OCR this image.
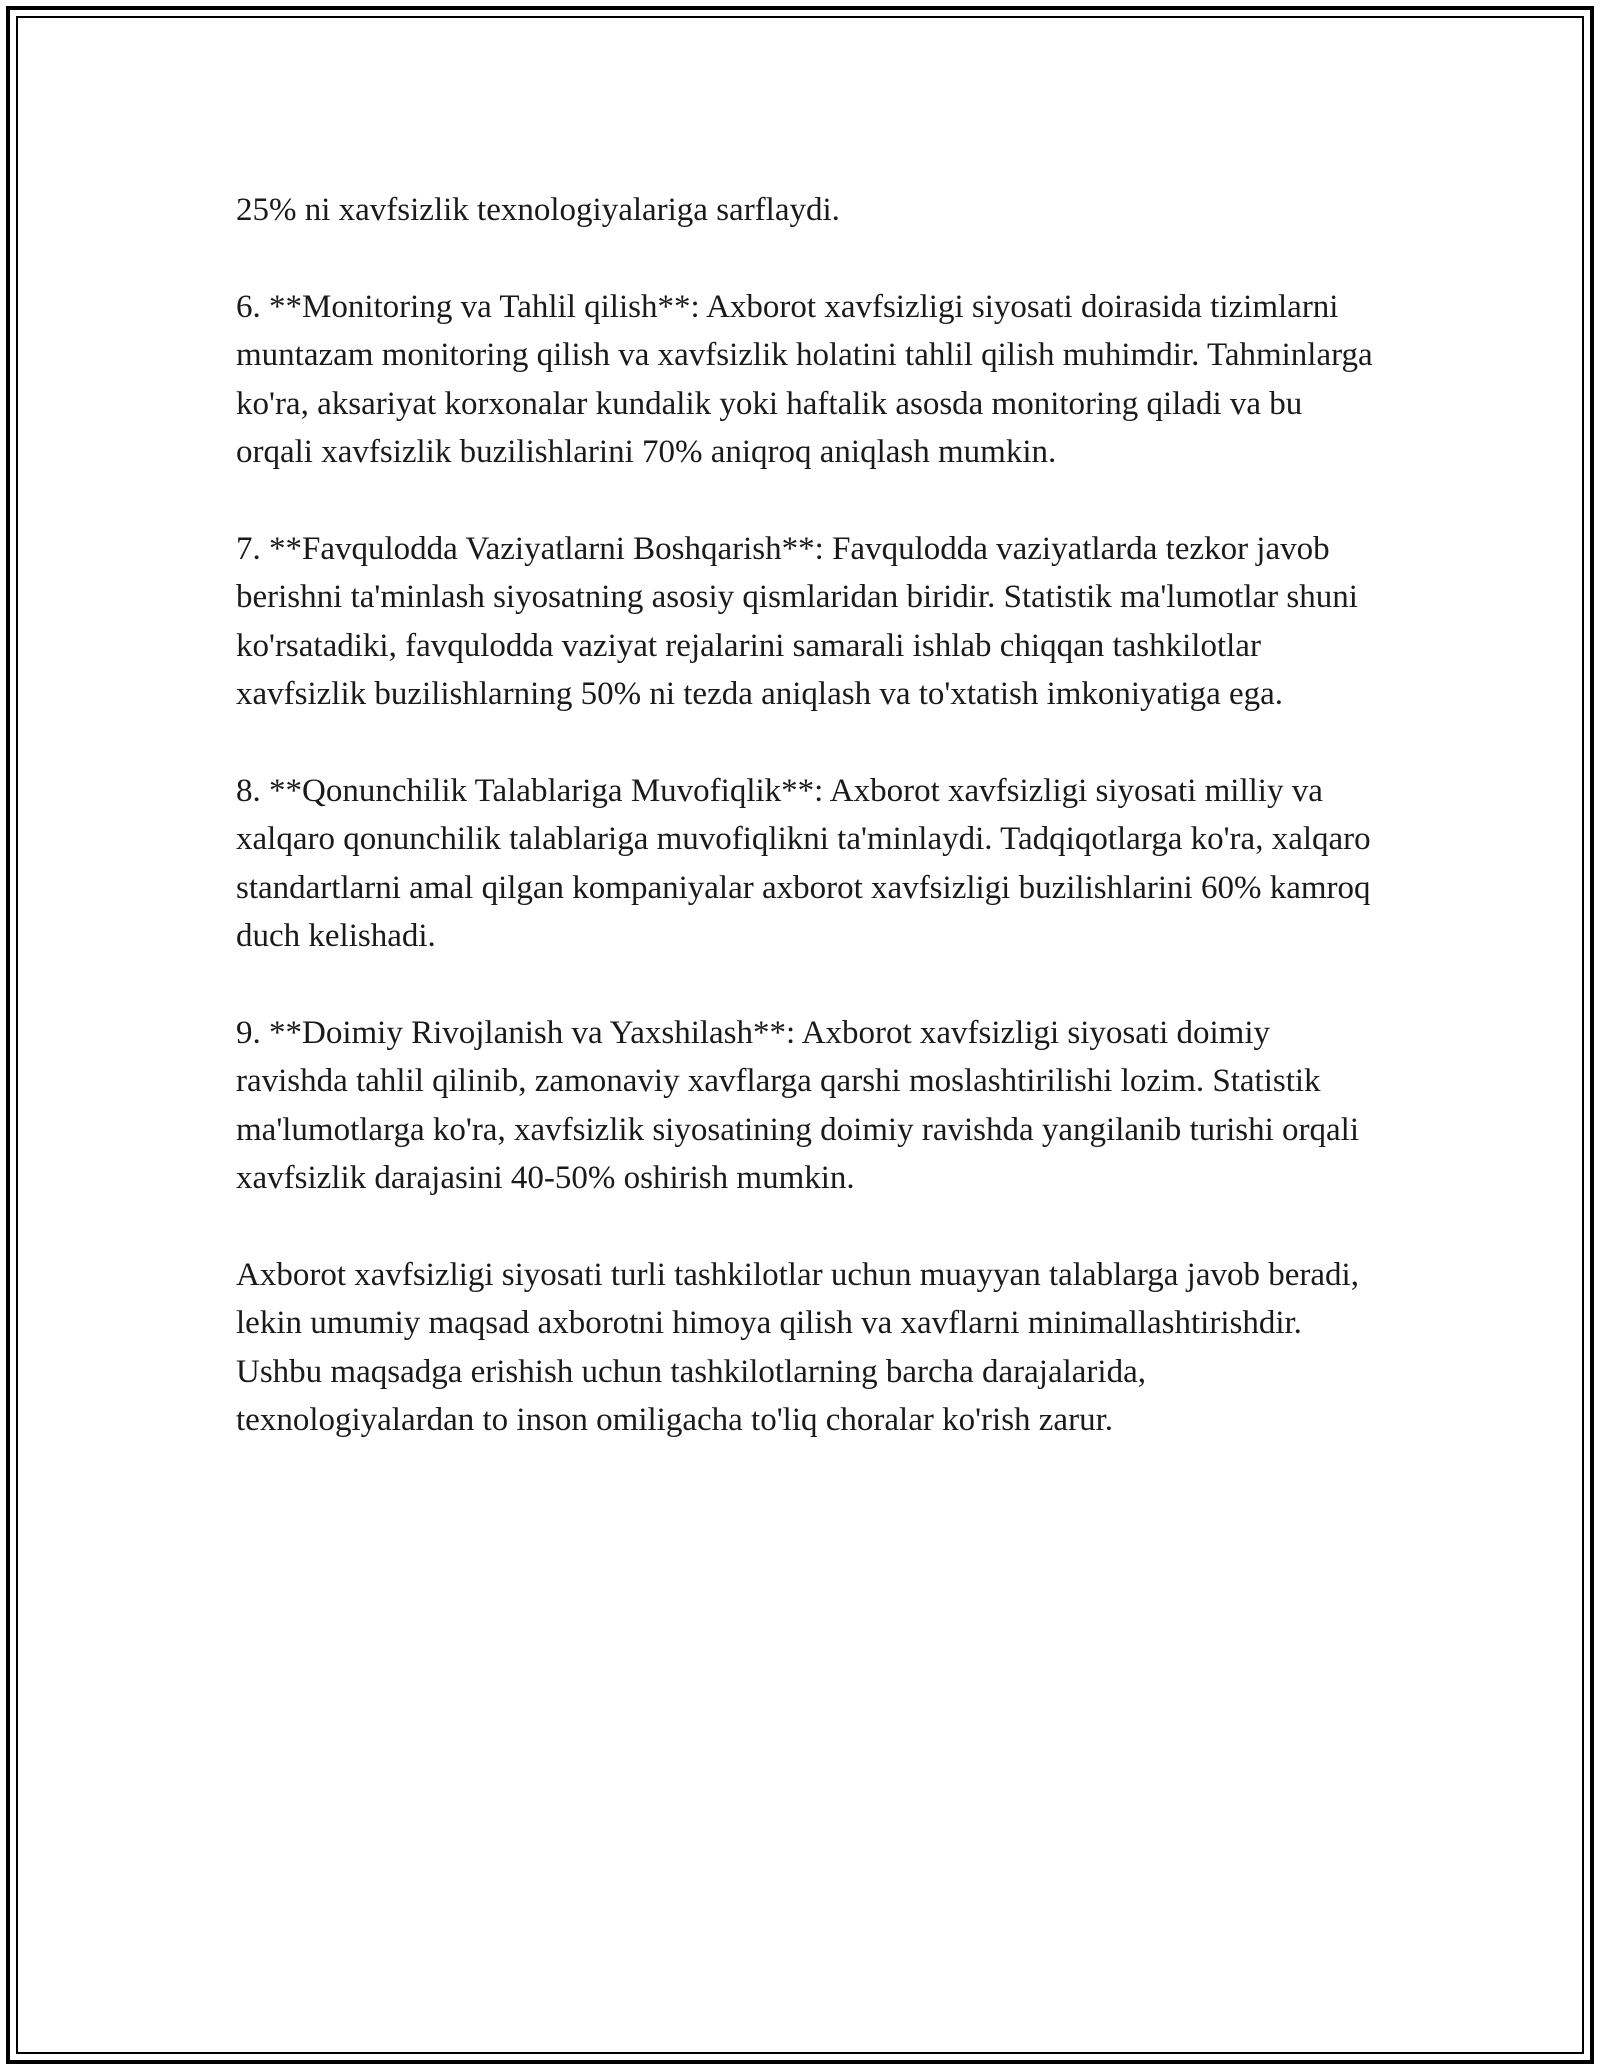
25% ni xavfsizlik texnologiyalariga sarflaydi.

6. **Monitoring va Tahlil qilish**: Axborot xavfsizligi siyosati doirasida tizimlarni muntazam monitoring qilish va xavfsizlik holatini tahlil qilish muhimdir. Tahminlarga ko'ra, aksariyat korxonalar kundalik yoki haftalik asosda monitoring qiladi va bu orqali xavfsizlik buzilishlarini 70% aniqroq aniqlash mumkin.

7. **Favqulodda Vaziyatlarni Boshqarish**: Favqulodda vaziyatlarda tezkor javob berishni ta'minlash siyosatning asosiy qismlaridan biridir. Statistik ma'lumotlar shuni ko'rsatadiki, favqulodda vaziyat rejalarini samarali ishlab chiqqan tashkilotlar xavfsizlik buzilishlarning 50% ni tezda aniqlash va to'xtatish imkoniyatiga ega.

8. **Qonunchilik Talablariga Muvofiqlik**: Axborot xavfsizligi siyosati milliy va xalqaro qonunchilik talablariga muvofiqlikni ta'minlaydi. Tadqiqotlarga ko'ra, xalqaro standartlarni amal qilgan kompaniyalar axborot xavfsizligi buzilishlarini 60% kamroq duch kelishadi.

9. **Doimiy Rivojlanish va Yaxshilash**: Axborot xavfsizligi siyosati doimiy ravishda tahlil qilinib, zamonaviy xavflarga qarshi moslashtirilishi lozim. Statistik ma'lumotlarga ko'ra, xavfsizlik siyosatining doimiy ravishda yangilanib turishi orqali xavfsizlik darajasini 40-50% oshirish mumkin.

Axborot xavfsizligi siyosati turli tashkilotlar uchun muayyan talablarga javob beradi, lekin umumiy maqsad axborotni himoya qilish va xavflarni minimallashtirishdir. Ushbu maqsadga erishish uchun tashkilotlarning barcha darajalarida, texnologiyalardan to inson omiligacha to'liq choralar ko'rish zarur.
